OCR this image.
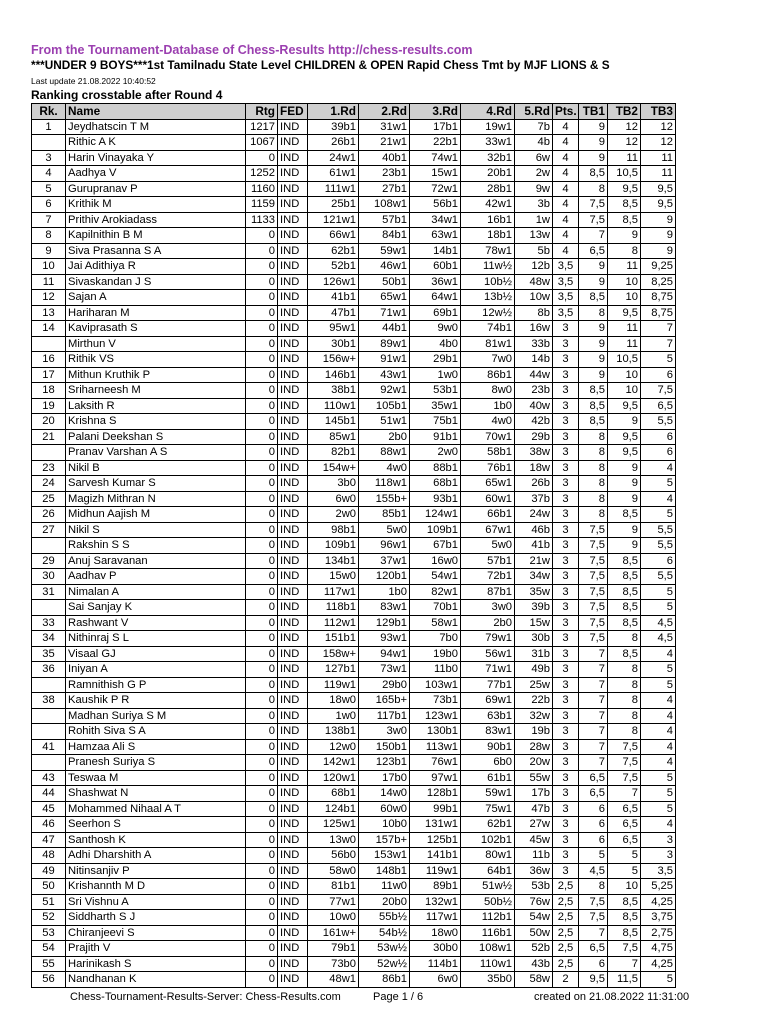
From the Tournament-Database of Chess-Results http://chess-results.com
***UNDER 9 BOYS***1st Tamilnadu State Level CHILDREN & OPEN Rapid Chess Tmt by MJF LIONS & S
Last update 21.08.2022 10:40:52
Ranking crosstable after Round 4
Rk.	Name	Rtg	FED	1.Rd	2.Rd	3.Rd	4.Rd	5.Rd	Pts.	TB1	TB2	TB3
1	Jeydhatscin T M	1217	IND	39b1	31w1	17b1	19w1	7b	4	9	12	12
	Rithic A K	1067	IND	26b1	21w1	22b1	33w1	4b	4	9	12	12
3	Harin Vinayaka Y	0	IND	24w1	40b1	74w1	32b1	6w	4	9	11	11
4	Aadhya V	1252	IND	61w1	23b1	15w1	20b1	2w	4	8,5	10,5	11
5	Gurupranav P	1160	IND	111w1	27b1	72w1	28b1	9w	4	8	9,5	9,5
6	Krithik M	1159	IND	25b1	108w1	56b1	42w1	3b	4	7,5	8,5	9,5
7	Prithiv Arokiadass	1133	IND	121w1	57b1	34w1	16b1	1w	4	7,5	8,5	9
8	Kapilnithin B M	0	IND	66w1	84b1	63w1	18b1	13w	4	7	9	9
9	Siva Prasanna S A	0	IND	62b1	59w1	14b1	78w1	5b	4	6,5	8	9
10	Jai Adithiya R	0	IND	52b1	46w1	60b1	11w½	12b	3,5	9	11	9,25
11	Sivaskandan J S	0	IND	126w1	50b1	36w1	10b½	48w	3,5	9	10	8,25
12	Sajan A	0	IND	41b1	65w1	64w1	13b½	10w	3,5	8,5	10	8,75
13	Hariharan M	0	IND	47b1	71w1	69b1	12w½	8b	3,5	8	9,5	8,75
14	Kaviprasath S	0	IND	95w1	44b1	9w0	74b1	16w	3	9	11	7
	Mirthun V	0	IND	30b1	89w1	4b0	81w1	33b	3	9	11	7
16	Rithik VS	0	IND	156w+	91w1	29b1	7w0	14b	3	9	10,5	5
17	Mithun Kruthik P	0	IND	146b1	43w1	1w0	86b1	44w	3	9	10	6
18	Sriharneesh M	0	IND	38b1	92w1	53b1	8w0	23b	3	8,5	10	7,5
19	Laksith R	0	IND	110w1	105b1	35w1	1b0	40w	3	8,5	9,5	6,5
20	Krishna S	0	IND	145b1	51w1	75b1	4w0	42b	3	8,5	9	5,5
21	Palani Deekshan S	0	IND	85w1	2b0	91b1	70w1	29b	3	8	9,5	6
	Pranav Varshan A S	0	IND	82b1	88w1	2w0	58b1	38w	3	8	9,5	6
23	Nikil B	0	IND	154w+	4w0	88b1	76b1	18w	3	8	9	4
24	Sarvesh Kumar S	0	IND	3b0	118w1	68b1	65w1	26b	3	8	9	5
25	Magizh Mithran N	0	IND	6w0	155b+	93b1	60w1	37b	3	8	9	4
26	Midhun Aajish M	0	IND	2w0	85b1	124w1	66b1	24w	3	8	8,5	5
27	Nikil S	0	IND	98b1	5w0	109b1	67w1	46b	3	7,5	9	5,5
	Rakshin S S	0	IND	109b1	96w1	67b1	5w0	41b	3	7,5	9	5,5
29	Anuj Saravanan	0	IND	134b1	37w1	16w0	57b1	21w	3	7,5	8,5	6
30	Aadhav P	0	IND	15w0	120b1	54w1	72b1	34w	3	7,5	8,5	5,5
31	Nimalan A	0	IND	117w1	1b0	82w1	87b1	35w	3	7,5	8,5	5
	Sai Sanjay K	0	IND	118b1	83w1	70b1	3w0	39b	3	7,5	8,5	5
33	Rashwant V	0	IND	112w1	129b1	58w1	2b0	15w	3	7,5	8,5	4,5
34	Nithinraj S L	0	IND	151b1	93w1	7b0	79w1	30b	3	7,5	8	4,5
35	Visaal GJ	0	IND	158w+	94w1	19b0	56w1	31b	3	7	8,5	4
36	Iniyan A	0	IND	127b1	73w1	11b0	71w1	49b	3	7	8	5
	Ramnithish G P	0	IND	119w1	29b0	103w1	77b1	25w	3	7	8	5
38	Kaushik P R	0	IND	18w0	165b+	73b1	69w1	22b	3	7	8	4
	Madhan Suriya S M	0	IND	1w0	117b1	123w1	63b1	32w	3	7	8	4
	Rohith Siva S A	0	IND	138b1	3w0	130b1	83w1	19b	3	7	8	4
41	Hamzaa Ali S	0	IND	12w0	150b1	113w1	90b1	28w	3	7	7,5	4
	Pranesh Suriya S	0	IND	142w1	123b1	76w1	6b0	20w	3	7	7,5	4
43	Teswaa M	0	IND	120w1	17b0	97w1	61b1	55w	3	6,5	7,5	5
44	Shashwat N	0	IND	68b1	14w0	128b1	59w1	17b	3	6,5	7	5
45	Mohammed Nihaal A T	0	IND	124b1	60w0	99b1	75w1	47b	3	6	6,5	5
46	Seerhon S	0	IND	125w1	10b0	131w1	62b1	27w	3	6	6,5	4
47	Santhosh K	0	IND	13w0	157b+	125b1	102b1	45w	3	6	6,5	3
48	Adhi Dharshith A	0	IND	56b0	153w1	141b1	80w1	11b	3	5	5	3
49	Nitinsanjiv P	0	IND	58w0	148b1	119w1	64b1	36w	3	4,5	5	3,5
50	Krishannth M D	0	IND	81b1	11w0	89b1	51w½	53b	2,5	8	10	5,25
51	Sri Vishnu A	0	IND	77w1	20b0	132w1	50b½	76w	2,5	7,5	8,5	4,25
52	Siddharth S J	0	IND	10w0	55b½	117w1	112b1	54w	2,5	7,5	8,5	3,75
53	Chiranjeevi S	0	IND	161w+	54b½	18w0	116b1	50w	2,5	7	8,5	2,75
54	Prajith V	0	IND	79b1	53w½	30b0	108w1	52b	2,5	6,5	7,5	4,75
55	Harinikash S	0	IND	73b0	52w½	114b1	110w1	43b	2,5	6	7	4,25
56	Nandhanan K	0	IND	48w1	86b1	6w0	35b0	58w	2	9,5	11,5	5
Chess-Tournament-Results-Server: Chess-Results.com	Page 1 / 6	created on 21.08.2022 11:31:00
